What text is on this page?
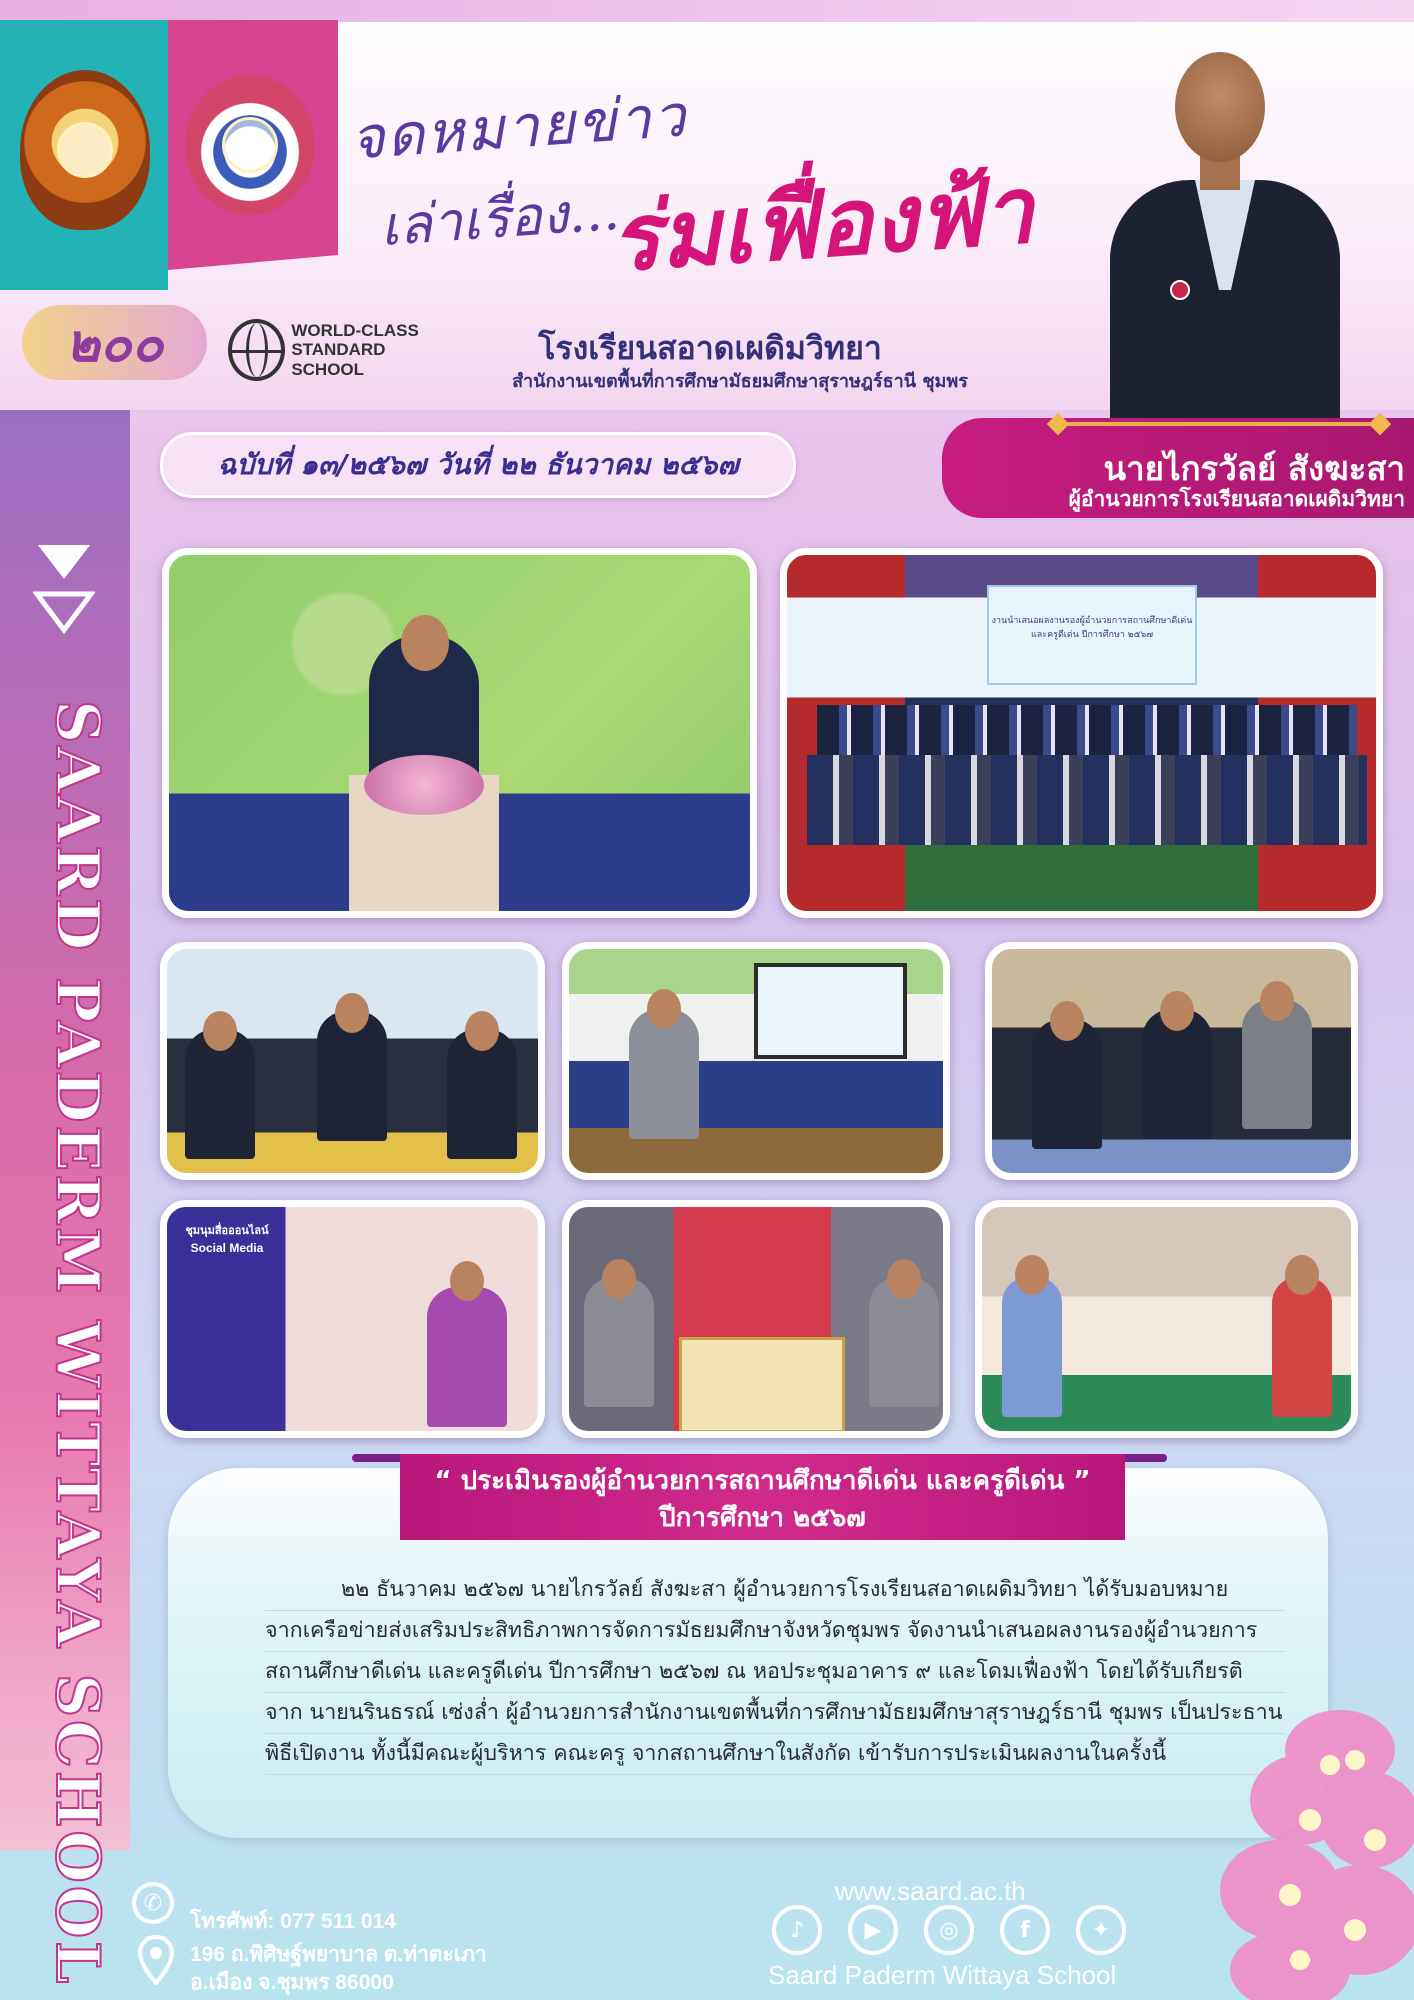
จดหมายข่าว
เล่าเรื่อง...
ร่มเฟื่องฟ้า
๒๐๐	WORLD-CLASS
STANDARD SCHOOL
โรงเรียนสอาดเผดิมวิทยา
สำนักงานเขตพื้นที่การศึกษามัธยมศึกษาสุราษฎร์ธานี ชุมพร
ฉบับที่ ๑๓/๒๕๖๗ วันที่ ๒๒ ธันวาคม ๒๕๖๗	นายไกรวัลย์ สังฆะสา
ผู้อำนวยการโรงเรียนสอาดเผดิมวิทยา
SAARD PADERM WITTAYA SCHOOL
งานนำเสนอผลงานรองผู้อำนวยการสถานศึกษาดีเด่น และครูดีเด่น ปีการศึกษา ๒๕๖๗
ชุมนุมสื่อออนไลน์
Social Media
“ ประเมินรองผู้อำนวยการสถานศึกษาดีเด่น และครูดีเด่น ”
ปีการศึกษา ๒๕๖๗
๒๒ ธันวาคม ๒๕๖๗ นายไกรวัลย์ สังฆะสา ผู้อำนวยการโรงเรียนสอาดเผดิมวิทยา ได้รับมอบหมาย
จากเครือข่ายส่งเสริมประสิทธิภาพการจัดการมัธยมศึกษาจังหวัดชุมพร จัดงานนำเสนอผลงานรองผู้อำนวยการ
สถานศึกษาดีเด่น และครูดีเด่น ปีการศึกษา ๒๕๖๗ ณ หอประชุมอาคาร ๙ และโดมเฟื่องฟ้า โดยได้รับเกียรติ
จาก นายนรินธรณ์ เซ่งล่ำ ผู้อำนวยการสำนักงานเขตพื้นที่การศึกษามัธยมศึกษาสุราษฎร์ธานี ชุมพร เป็นประธาน
พิธีเปิดงาน ทั้งนี้มีคณะผู้บริหาร คณะครู จากสถานศึกษาในสังกัด เข้ารับการประเมินผลงานในครั้งนี้
✆
โทรศัพท์: 077 511 014
196 ถ.พิศิษฐ์พยาบาล ต.ท่าตะเภา
อ.เมือง จ.ชุมพร 86000
www.saard.ac.th
♪	▶	◎	f	✦
Saard Paderm Wittaya School
